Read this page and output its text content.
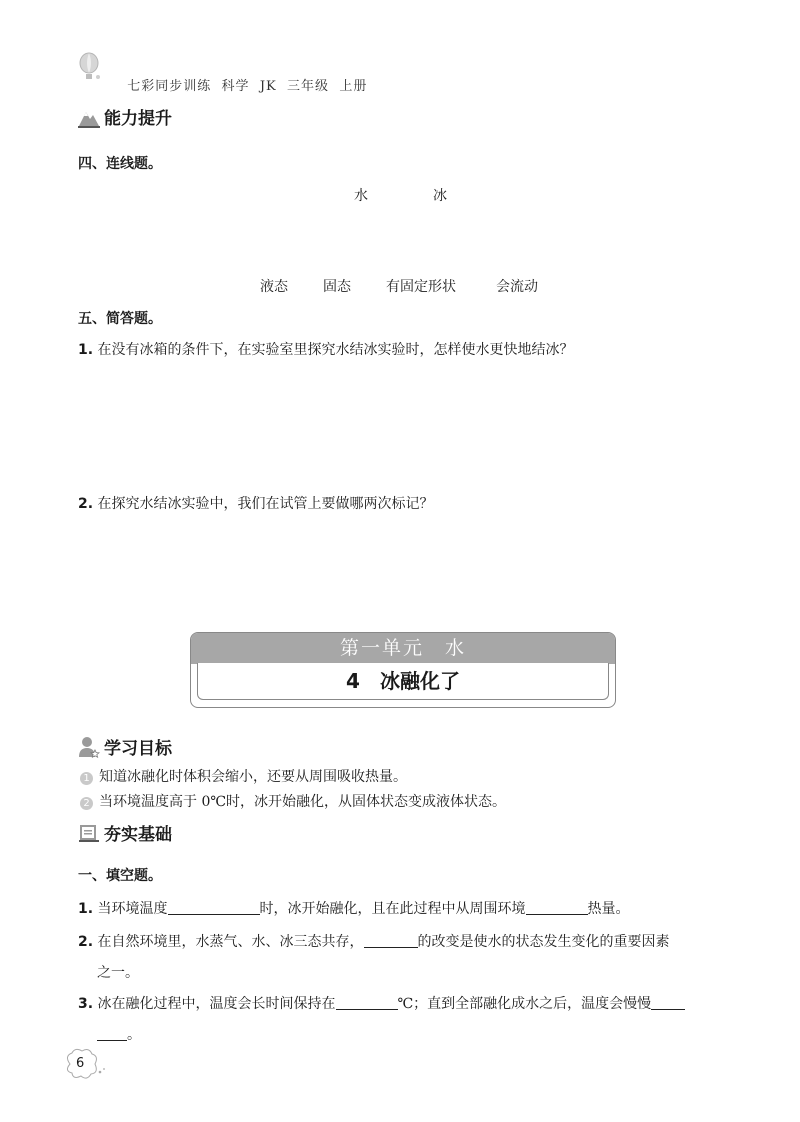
七彩同步训练 科学 JK 三年级 上册

能力提升
四、连线题。
水	冰
液态	固态	有固定形状	会流动
五、简答题。
1. 在没有冰箱的条件下，在实验室里探究水结冰实验时，怎样使水更快地结冰？
2. 在探究水结冰实验中，我们在试管上要做哪两次标记？
第一单元　水
4　冰融化了
学习目标
1 知道冰融化时体积会缩小，还要从周围吸收热量。
2 当环境温度高于 0℃时，冰开始融化，从固体状态变成液体状态。
夯实基础
一、填空题。
1. 当环境温度	时，冰开始融化，且在此过程中从周围环境	热量。
2. 在自然环境里，水蒸气、水、冰三态共存，	的改变是使水的状态发生变化的重要因素
之一。
3. 冰在融化过程中，温度会长时间保持在	℃；直到全部融化成水之后，温度会慢慢
。
6
